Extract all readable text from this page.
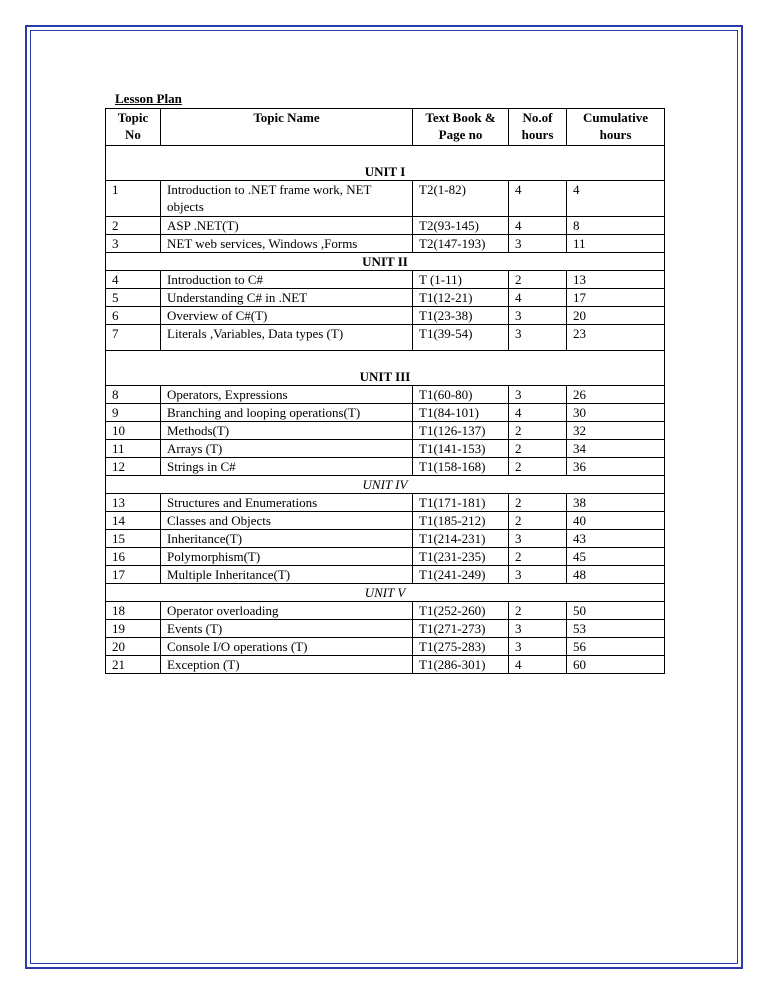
Lesson Plan
Topic No	Topic Name	Text Book & Page no	No.of hours	Cumulative hours
UNIT I				
1	Introduction to .NET frame work, NET objects	T2(1-82)	4	4
2	ASP .NET(T)	T2(93-145)	4	8
3	NET web services, Windows ,Forms	T2(147-193)	3	11
UNIT II				
4	Introduction to C#	T (1-11)	2	13
5	Understanding C# in .NET	T1(12-21)	4	17
6	Overview of C#(T)	T1(23-38)	3	20
7	Literals ,Variables, Data types (T)	T1(39-54)	3	23
UNIT III				
8	Operators, Expressions	T1(60-80)	3	26
9	Branching and looping operations(T)	T1(84-101)	4	30
10	Methods(T)	T1(126-137)	2	32
11	Arrays (T)	T1(141-153)	2	34
12	Strings in C#	T1(158-168)	2	36
UNIT IV				
13	Structures and Enumerations	T1(171-181)	2	38
14	Classes and Objects	T1(185-212)	2	40
15	Inheritance(T)	T1(214-231)	3	43
16	Polymorphism(T)	T1(231-235)	2	45
17	Multiple Inheritance(T)	T1(241-249)	3	48
UNIT V				
18	Operator overloading	T1(252-260)	2	50
19	Events (T)	T1(271-273)	3	53
20	Console I/O operations (T)	T1(275-283)	3	56
21	Exception (T)	T1(286-301)	4	60
